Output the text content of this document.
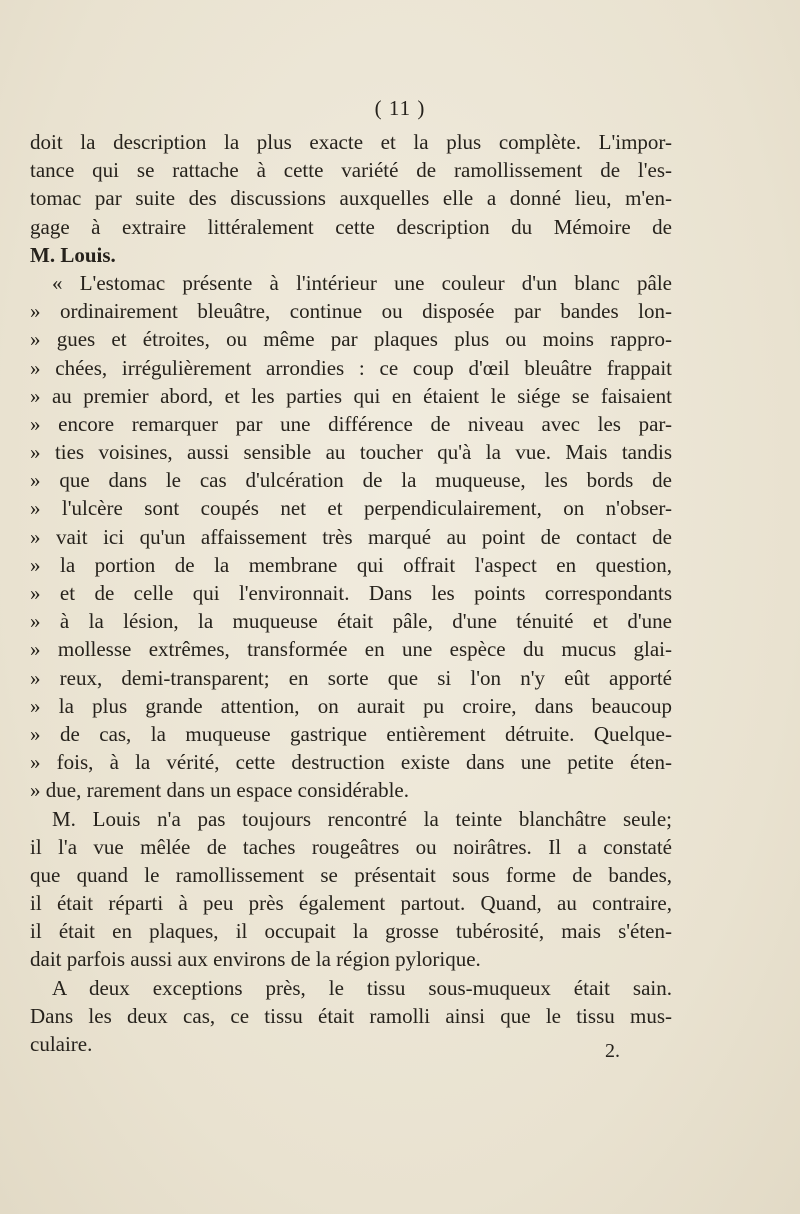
( 11 )
doit la description la plus exacte et la plus complète. L'impor-
tance qui se rattache à cette variété de ramollissement de l'es-
tomac par suite des discussions auxquelles elle a donné lieu, m'en-
gage à extraire littéralement cette description du Mémoire de
M. Louis.
« L'estomac présente à l'intérieur une couleur d'un blanc pâle
» ordinairement bleuâtre, continue ou disposée par bandes lon-
» gues et étroites, ou même par plaques plus ou moins rappro-
» chées, irrégulièrement arrondies : ce coup d'œil bleuâtre frappait
» au premier abord, et les parties qui en étaient le siége se faisaient
» encore remarquer par une différence de niveau avec les par-
» ties voisines, aussi sensible au toucher qu'à la vue. Mais tandis
» que dans le cas d'ulcération de la muqueuse, les bords de
» l'ulcère sont coupés net et perpendiculairement, on n'obser-
» vait ici qu'un affaissement très marqué au point de contact de
» la portion de la membrane qui offrait l'aspect en question,
» et de celle qui l'environnait. Dans les points correspondants
» à la lésion, la muqueuse était pâle, d'une ténuité et d'une
» mollesse extrêmes, transformée en une espèce du mucus glai-
» reux, demi-transparent; en sorte que si l'on n'y eût apporté
» la plus grande attention, on aurait pu croire, dans beaucoup
» de cas, la muqueuse gastrique entièrement détruite. Quelque-
» fois, à la vérité, cette destruction existe dans une petite éten-
» due, rarement dans un espace considérable.
M. Louis n'a pas toujours rencontré la teinte blanchâtre seule;
il l'a vue mêlée de taches rougeâtres ou noirâtres. Il a constaté
que quand le ramollissement se présentait sous forme de bandes,
il était réparti à peu près également partout. Quand, au contraire,
il était en plaques, il occupait la grosse tubérosité, mais s'éten-
dait parfois aussi aux environs de la région pylorique.
A deux exceptions près, le tissu sous-muqueux était sain.
Dans les deux cas, ce tissu était ramolli ainsi que le tissu mus-
culaire.	2.
